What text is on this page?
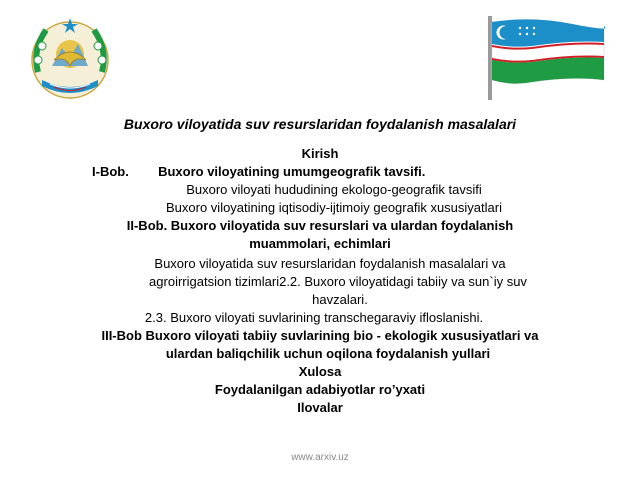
Buxoro viloyatida suv resurslaridan foydalanish masalalari
Kirish
I-Bob. Buxoro viloyatining umumgeografik tavsifi.
Buxoro viloyati hududining ekologo-geografik tavsifi
Buxoro viloyatining iqtisodiy-ijtimoiy geografik xususiyatlari
II-Bob. Buxoro viloyatida suv resurslari va ulardan foydalanish
muammolari, echimlari
Buxoro viloyatida suv resurslaridan foydalanish masalalari va
agroirrigatsion tizimlari2.2. Buxoro viloyatidagi tabiiy va sun`iy suv
havzalari.
2.3. Buxoro viloyati suvlarining transchegaraviy ifloslanishi.
III-Bob Buxoro viloyati tabiiy suvlarining bio - ekologik xususiyatlari va
ulardan baliqchilik uchun oqilona foydalanish yullari
Xulosa
Foydalanilgan adabiyotlar ro’yxati
Ilovalar
www.arxiv.uz
